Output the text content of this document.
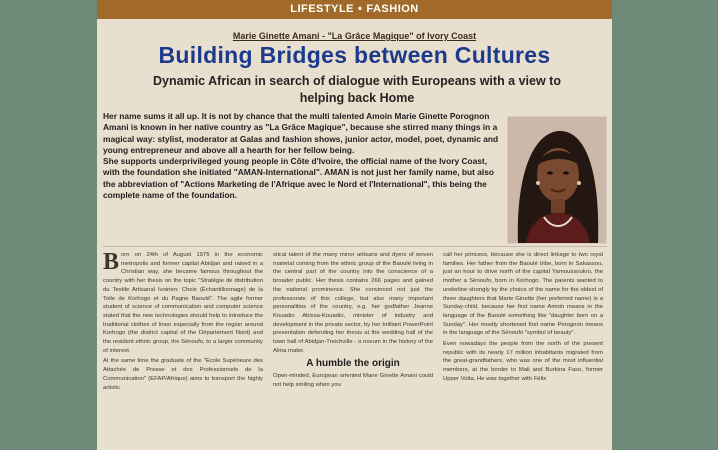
LIFESTYLE • FASHION
Marie Ginette Amani - "La Grâce Magique" of Ivory Coast
Building Bridges between Cultures
Dynamic African in search of dialogue with Europeans with a view to helping back Home

Her name sums it all up. It is not by chance that the multi talented Amoin Marie Ginette Porognon Amani is known in her native country as "La Grâce Magique", because she stirred many things in a magical way: stylist, moderator at Galas and fashion shows, junior actor, model, poet, dynamic and young entrepreneur and above all a hearth for her fellow being.

She supports underprivileged young people in Côte d'Ivoire, the official name of the Ivory Coast, with the foundation she initiated "AMAN-International". AMAN is not just her family name, but also the abbreviation of "Actions Marketing de l'Afrique avec le Nord et l'International", this being the complete name of the foundation.

Born on 24th of August 1975 in the economic metropolis and former capital Abidjan and raised in a Christian way, she became famous throughout the country with her thesis on the topic "Stratégie de distribution du Textile Artisanal Ivoirien: Choix (Échantillonnage) de la Toile de Korhogo et du Pagne Baoulé". The agile former student of science of communication and computer science stated that the new technologies should help to introduce the traditional clothes of linen especially from the region around Korhogo (the district capital of the Département Nord) and the resident ethnic group, the Sénoufo, to a larger community of interest.

At the same time the graduate of the "Ecole Supérieure des Attachés de Presse et des Professionnels de la Communication" (EFAP/Afrique) aims to transport the highly artistic

stical talent of the many minor artisans and dyers of woven material coming from the ethnic group of the Baoulé living in the central part of the country into the conscience of a broader public. Her thesis contains 266 pages and gained the national prominence. She convinced not just the professorate of this college, but also many important personalities of the country, e.g. her godfather Jeanne Kouadio Abissa-Kouadio, minister of industry and development in the private sector, by her brilliant PowerPoint presentation defending her thesis at the wedding hall of the town hall of Abidjan-Treichville - a novum in the history of the Alma mater.

A humble the origin

Open-minded, European oriented Marie Ginette Amani could not help smiling when you

call her princess, because she is direct linkage to two royal families. Her father from the Baoulé tribe, born in Sakassou, just an hour to drive north of the capital Yamoussoukro, the mother a Sénoufo, born in Korhogo. The parents wanted to underline strongly by the choice of the name for the oldest of three daughters that Marie Ginette (her preferred name) is a Sunday-child, because her first name Amoin means in the language of the Baoulé something like "daughter born on a Sunday". Her mostly shortened first name Porognon means in the language of the Sénoufo "symbol of beauty".

Even nowadays the people from the north of the present republic with its nearly 17 million inhabitants migrated from the great-grandfathers, who was one of the most influential members, at the border to Mali and Burkina Faso, former Upper Volta. He was together with Félix
